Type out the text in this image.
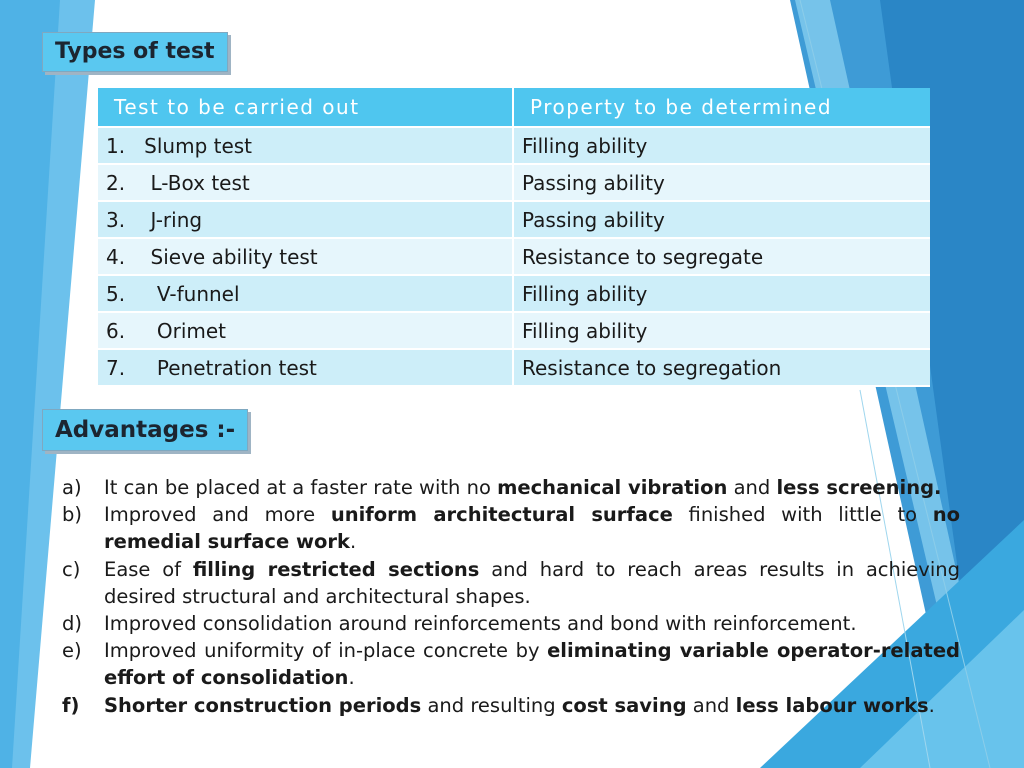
Types of test
Test to be carried out	Property to be determined
1.   Slump test	Filling ability
2.    L-Box test	Passing ability
3.    J-ring	Passing ability
4.    Sieve ability test	Resistance to segregate
5.     V-funnel	Filling ability
6.     Orimet	Filling ability
7.     Penetration test	Resistance to segregation
Advantages :-
a) It can be placed at a faster rate with no mechanical vibration and less screening.
b) Improved and more uniform architectural surface finished with little to no remedial surface work.
c) Ease of filling restricted sections and hard to reach areas results in achieving desired structural and architectural shapes.
d) Improved consolidation around reinforcements and bond with reinforcement.
e) Improved uniformity of in-place concrete by eliminating variable operator-related effort of consolidation.
f) Shorter construction periods and resulting cost saving and less labour works.
